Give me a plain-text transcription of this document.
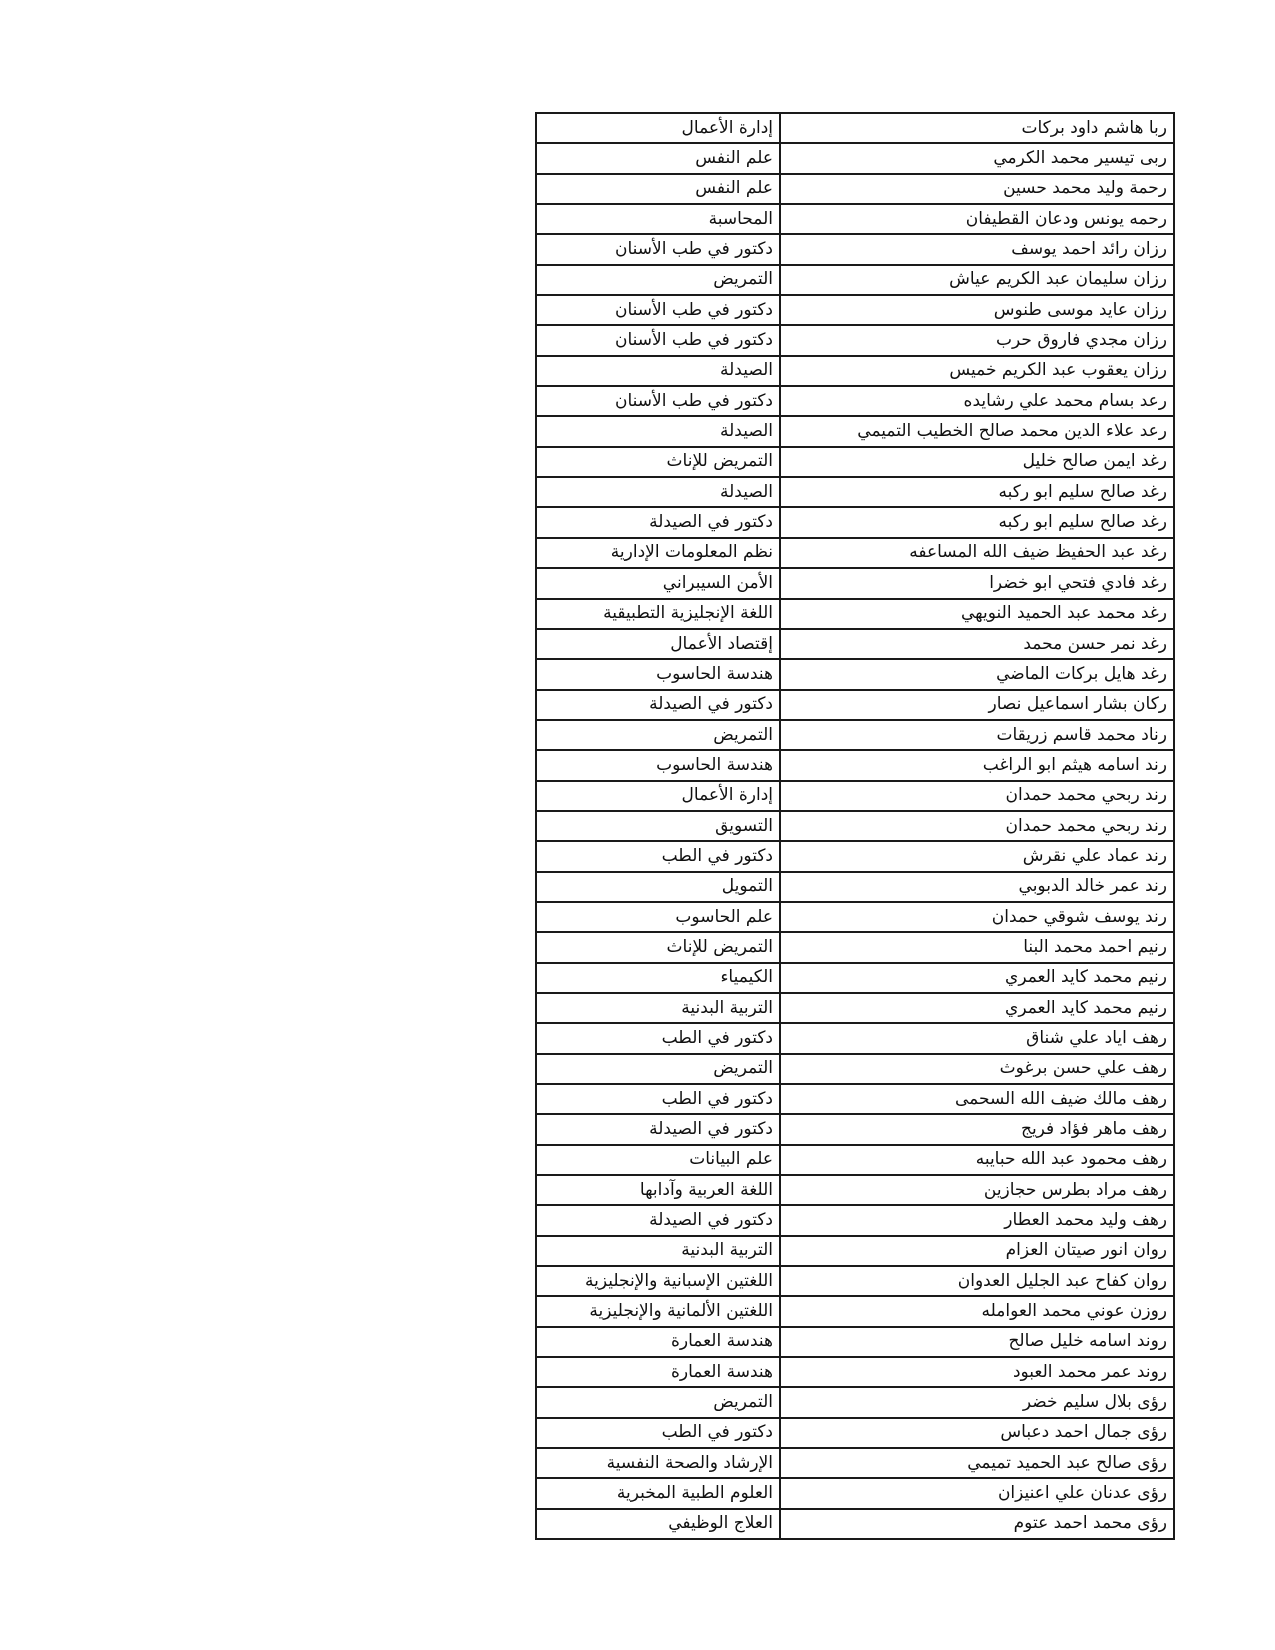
ربا هاشم داود بركات	إدارة الأعمال
ربى تيسير محمد الكرمي	علم النفس
رحمة وليد محمد حسين	علم النفس
رحمه يونس ودعان القطيفان	المحاسبة
رزان رائد احمد يوسف	دكتور في طب الأسنان
رزان سليمان عبد الكريم عياش	التمريض
رزان عايد موسى طنوس	دكتور في طب الأسنان
رزان مجدي فاروق حرب	دكتور في طب الأسنان
رزان يعقوب عبد الكريم خميس	الصيدلة
رعد بسام محمد علي رشايده	دكتور في طب الأسنان
رعد علاء الدين محمد صالح الخطيب التميمي	الصيدلة
رغد ايمن صالح خليل	التمريض للإناث
رغد صالح سليم ابو ركبه	الصيدلة
رغد صالح سليم ابو ركبه	دكتور في الصيدلة
رغد عبد الحفيظ ضيف الله المساعفه	نظم المعلومات الإدارية
رغد فادي فتحي ابو خضرا	الأمن السيبراني
رغد محمد عبد الحميد النويهي	اللغة الإنجليزية التطبيقية
رغد نمر حسن محمد	إقتصاد الأعمال
رغد هايل بركات الماضي	هندسة الحاسوب
ركان بشار اسماعيل نصار	دكتور في الصيدلة
رناد محمد قاسم زريقات	التمريض
رند اسامه هيثم ابو الراغب	هندسة الحاسوب
رند ربحي محمد حمدان	إدارة الأعمال
رند ربحي محمد حمدان	التسويق
رند عماد علي نقرش	دكتور في الطب
رند عمر خالد الدبوبي	التمويل
رند يوسف شوقي حمدان	علم الحاسوب
رنيم احمد محمد البنا	التمريض للإناث
رنيم محمد كايد العمري	الكيمياء
رنيم محمد كايد العمري	التربية البدنية
رهف اياد علي شناق	دكتور في الطب
رهف علي حسن برغوث	التمريض
رهف مالك ضيف الله السحمى	دكتور في الطب
رهف ماهر فؤاد فريج	دكتور في الصيدلة
رهف محمود عبد الله حبايبه	علم البيانات
رهف مراد بطرس حجازين	اللغة العربية وآدابها
رهف وليد محمد العطار	دكتور في الصيدلة
روان انور صيتان العزام	التربية البدنية
روان كفاح عبد الجليل العدوان	اللغتين الإسبانية والإنجليزية
روزن عوني محمد العوامله	اللغتين الألمانية والإنجليزية
روند اسامه خليل صالح	هندسة العمارة
روند عمر محمد العبود	هندسة العمارة
رؤى بلال سليم خضر	التمريض
رؤى جمال احمد دعباس	دكتور في الطب
رؤى صالح عبد الحميد تميمي	الإرشاد والصحة النفسية
رؤى عدنان علي اعنيزان	العلوم الطبية المخبرية
رؤى محمد احمد عتوم	العلاج الوظيفي
